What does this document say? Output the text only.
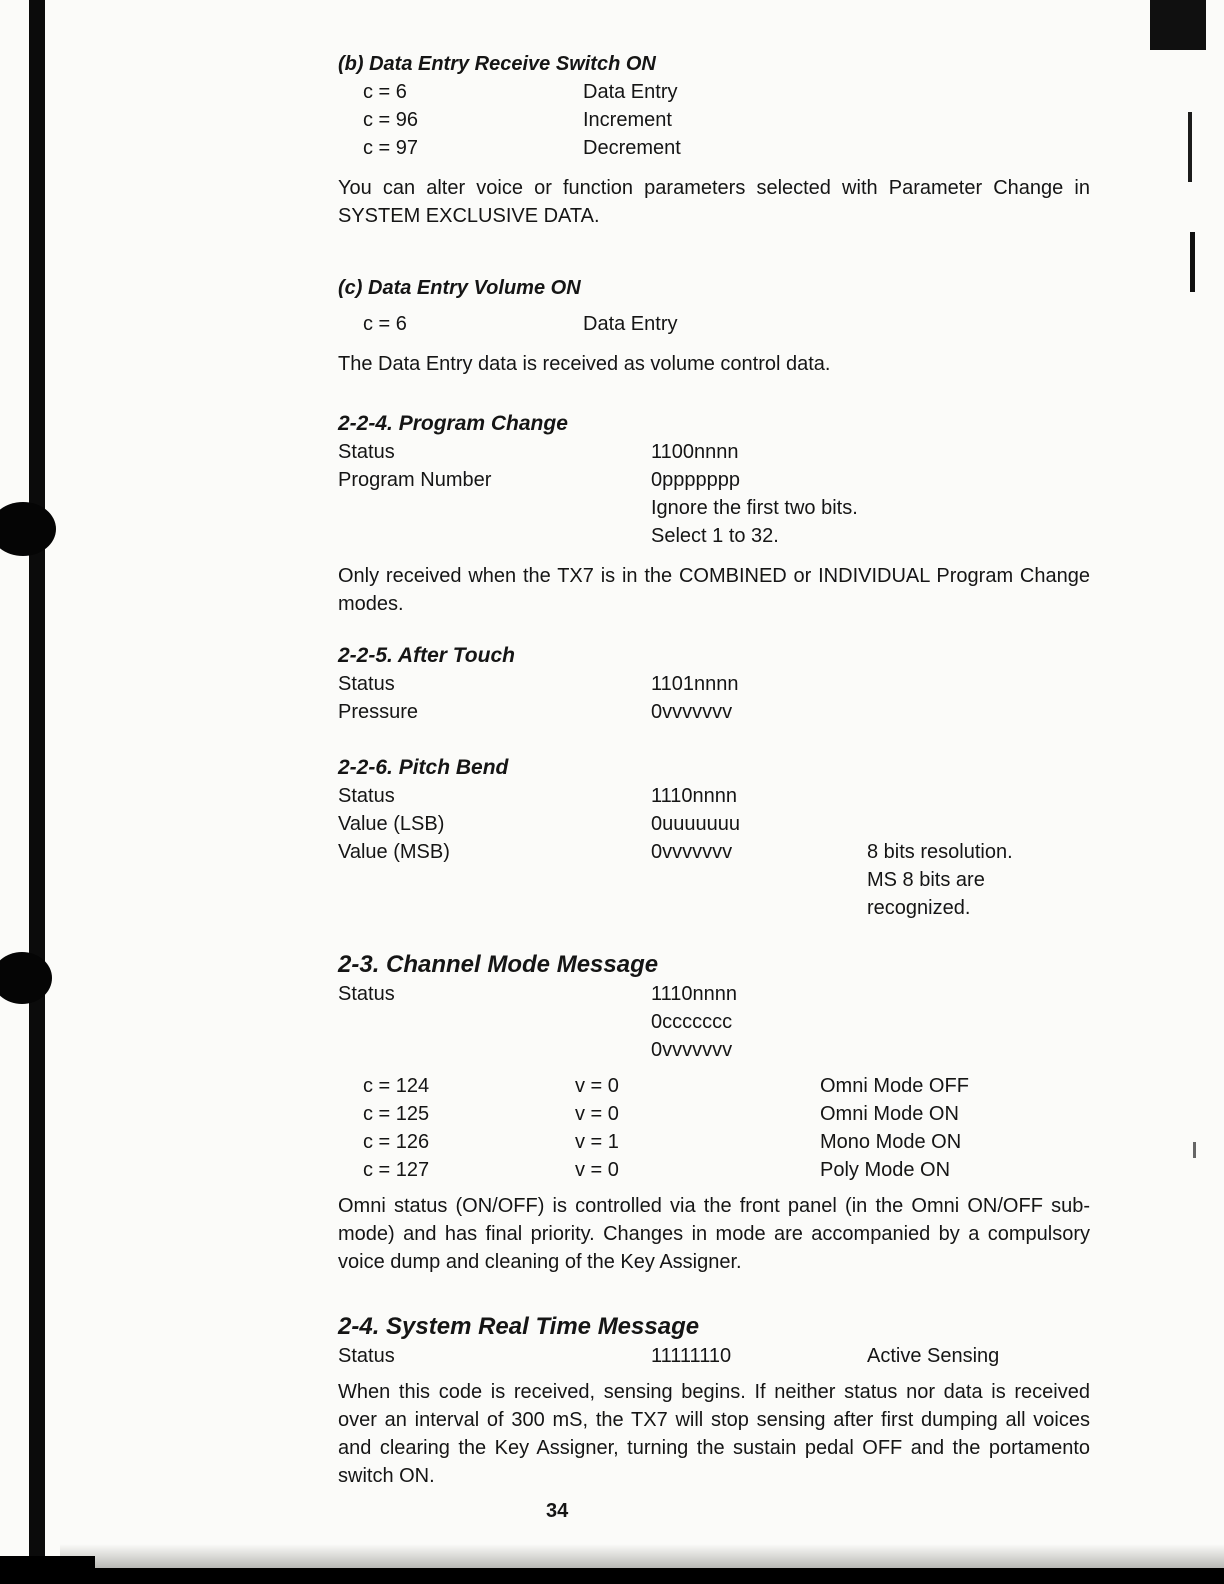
(b) Data Entry Receive Switch ON
c = 6	Data Entry
c = 96	Increment
c = 97	Decrement

You can alter voice or function parameters selected with Parameter Change in SYSTEM EXCLUSIVE DATA.

(c) Data Entry Volume ON
c = 6	Data Entry

The Data Entry data is received as volume control data.

2-2-4. Program Change
Status	1100nnnn
Program Number	0ppppppp
Ignore the first two bits.
Select 1 to 32.

Only received when the TX7 is in the COMBINED or INDIVIDUAL Program Change modes.

2-2-5. After Touch
Status	1101nnnn
Pressure	0vvvvvvv
2-2-6. Pitch Bend
Status	1110nnnn
Value (LSB)	0uuuuuuu
Value (MSB)	0vvvvvvv	8 bits resolution.
MS 8 bits are
recognized.
2-3. Channel Mode Message
Status	1110nnnn
0ccccccc
0vvvvvvv
c = 124	v = 0	Omni Mode OFF
c = 125	v = 0	Omni Mode ON
c = 126	v = 1	Mono Mode ON
c = 127	v = 0	Poly Mode ON

Omni status (ON/OFF) is controlled via the front panel (in the Omni ON/OFF sub-mode) and has final priority. Changes in mode are accompanied by a compulsory voice dump and cleaning of the Key Assigner.

2-4. System Real Time Message
Status	11111110	Active Sensing

When this code is received, sensing begins. If neither status nor data is received over an interval of 300 mS, the TX7 will stop sensing after first dumping all voices and clearing the Key Assigner, turning the sustain pedal OFF and the portamento switch ON.

34
